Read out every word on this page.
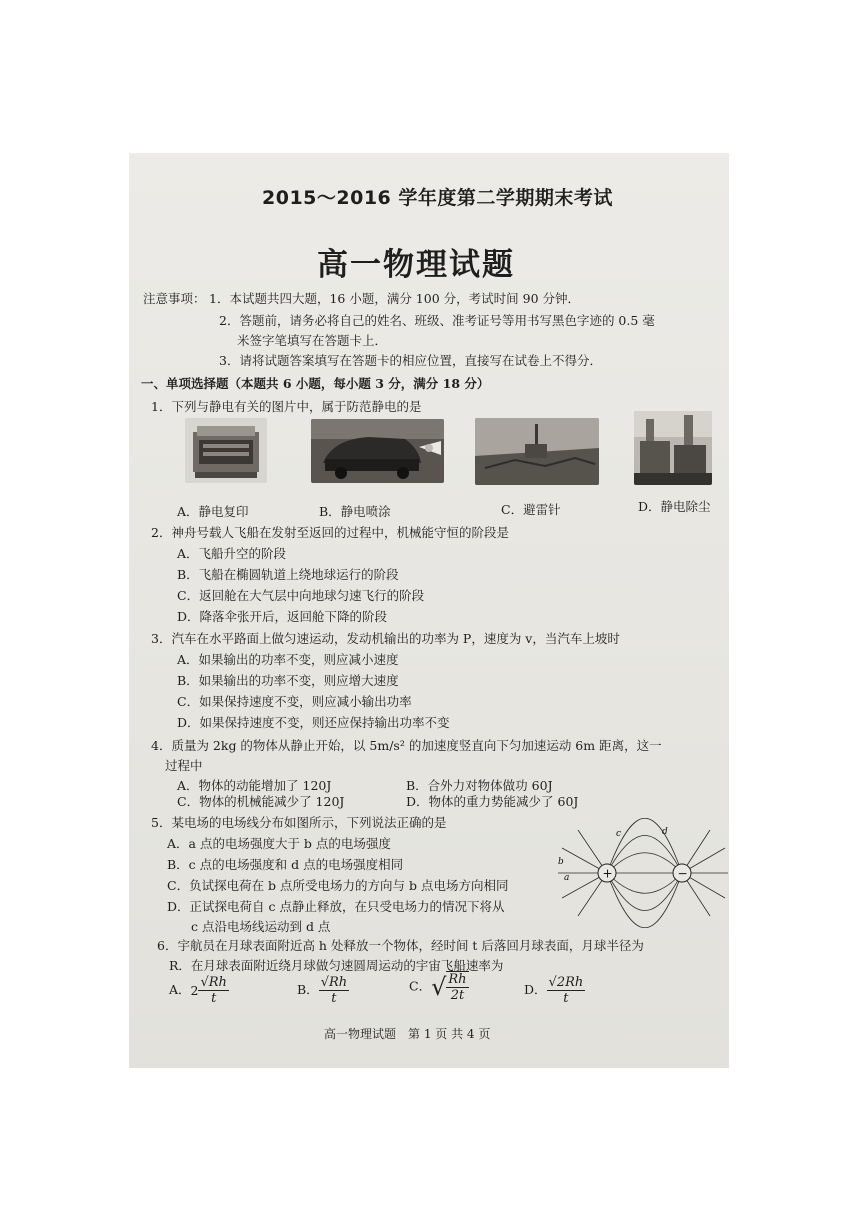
2015～2016 学年度第二学期期末考试
高一物理试题
注意事项： 1．本试题共四大题，16 小题，满分 100 分，考试时间 90 分钟．
2．答题前，请务必将自己的姓名、班级、准考证号等用书写黑色字迹的 0.5 毫
米签字笔填写在答题卡上．
3．请将试题答案填写在答题卡的相应位置，直接写在试卷上不得分．
一、单项选择题（本题共 6 小题，每小题 3 分，满分 18 分）
1．下列与静电有关的图片中，属于防范静电的是
A．静电复印	B．静电喷涂	C．避雷针	D．静电除尘
2．神舟号载人飞船在发射至返回的过程中，机械能守恒的阶段是
A．飞船升空的阶段
B．飞船在椭圆轨道上绕地球运行的阶段
C．返回舱在大气层中向地球匀速飞行的阶段
D．降落伞张开后，返回舱下降的阶段
3．汽车在水平路面上做匀速运动，发动机输出的功率为 P，速度为 v，当汽车上坡时
A．如果输出的功率不变，则应减小速度
B．如果输出的功率不变，则应增大速度
C．如果保持速度不变，则应减小输出功率
D．如果保持速度不变，则还应保持输出功率不变
4．质量为 2kg 的物体从静止开始，以 5m/s² 的加速度竖直向下匀加速运动 6m 距离，这一
过程中
A．物体的动能增加了 120J	B．合外力对物体做功 60J
C．物体的机械能减少了 120J	D．物体的重力势能减少了 60J
5．某电场的电场线分布如图所示，下列说法正确的是
A．a 点的电场强度大于 b 点的电场强度
B．c 点的电场强度和 d 点的电场强度相同
C．负试探电荷在 b 点所受电场力的方向与 b 点电场方向相同
D．正试探电荷自 c 点静止释放，在只受电场力的情况下将从
c 点沿电场线运动到 d 点
+	−
a
b
c	d
6．宇航员在月球表面附近高 h 处释放一个物体，经时间 t 后落回月球表面，月球半径为
R．在月球表面附近绕月球做匀速圆周运动的宇宙飞船速率为
A．$2 \frac{√Rh}{t}$	B． $\frac{√Rh}{t}$	C．√ $\frac{Rh}{2t}$	D． $\frac{√2Rh}{t}$
高一物理试题　第 1 页 共 4 页
